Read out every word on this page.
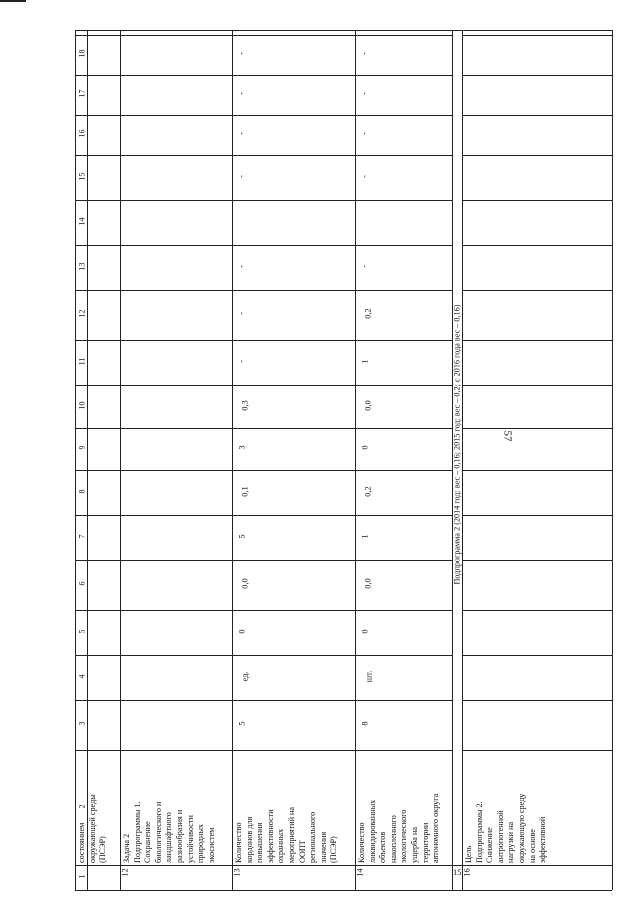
57
1
2
3
4
5
6
7
8
9
10
11
12
13
14
15
16
17
18
состоянием окружающей среды (ПСЭР)
12
Задача 2 Подпрограммы 1. Сохранение биологического и ландшафтного разнообразия и устойчивости природных экосистем
13
Количество кордонов для повышения эффективности охранных мероприятий на ООПТ регионального значения (ПСЭР)
ед.
5
0
0,0
5
0,1
3
0,3
-
-
-
-
-
-
-
14
Количество ликвидированных объектов накопленного экологического ущерба на территории автономного округа
шт.
8
0
0,0
1
0,2
0
0,0
1
0,2
-
-
-
-
-
15
Подпрограмма 2 (2014 год: вес – 0,16; 2015 год: вес – 0,2; с 2016 года вес – 0,16)
16
Цель Подпрограммы 2. Снижение антропогенной нагрузки на окружающую среду на основе эффективной
